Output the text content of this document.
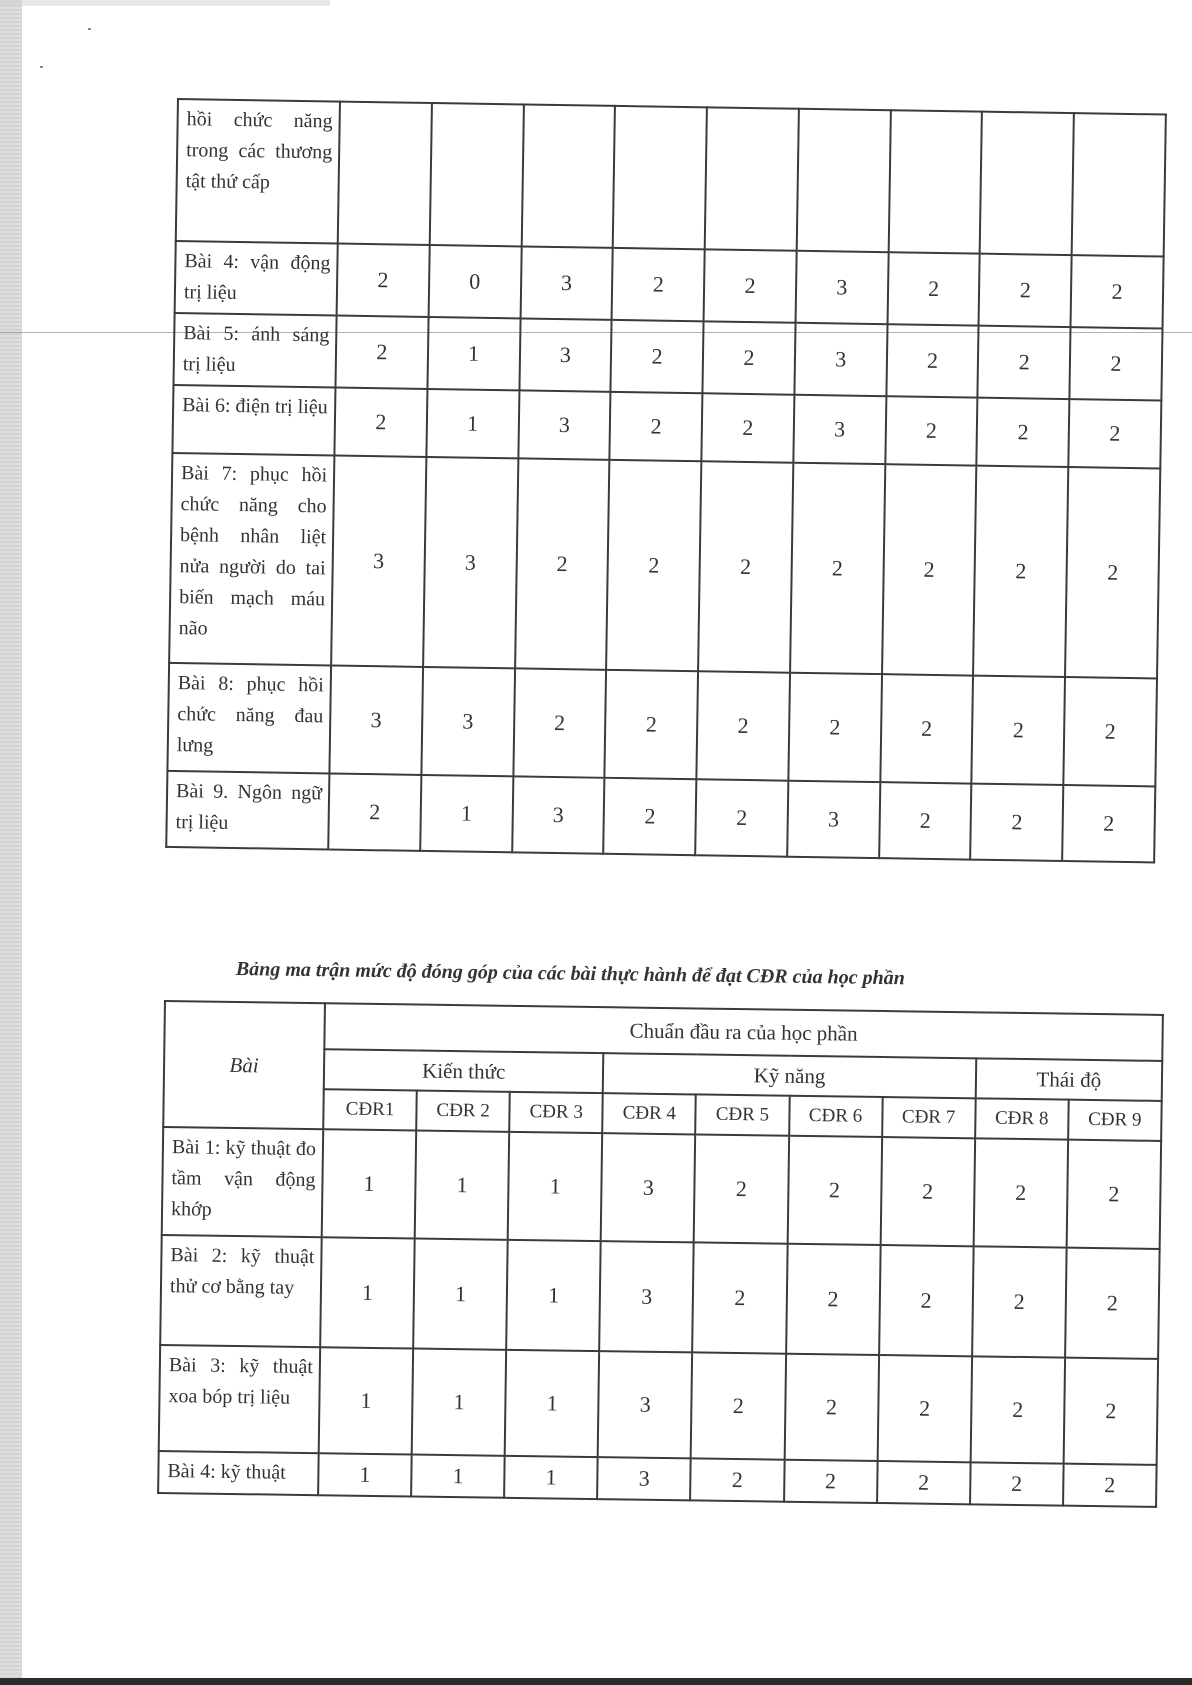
hồi chức năng trong các thương tật thứ cấp									
Bài 4: vận động trị liệu	2	0	3	2	2	3	2	2	2
Bài 5: ánh sáng trị liệu	2	1	3	2	2	3	2	2	2
Bài 6: điện trị liệu	2	1	3	2	2	3	2	2	2
Bài 7: phục hồi chức năng cho bệnh nhân liệt nửa người do tai biến mạch máu não	3	3	2	2	2	2	2	2	2
Bài 8: phục hồi chức năng đau lưng	3	3	2	2	2	2	2	2	2
Bài 9. Ngôn ngữ trị liệu	2	1	3	2	2	3	2	2	2
Bảng ma trận mức độ đóng góp của các bài thực hành để đạt CĐR của học phần
Bài	Chuẩn đầu ra của học phần								
	Kiến thức			Kỹ năng				Thái độ	
	CĐR1	CĐR 2	CĐR 3	CĐR 4	CĐR 5	CĐR 6	CĐR 7	CĐR 8	CĐR 9
Bài 1: kỹ thuật đo tầm vận động khớp	1	1	1	3	2	2	2	2	2
Bài 2: kỹ thuật thử cơ bằng tay	1	1	1	3	2	2	2	2	2
Bài 3: kỹ thuật xoa bóp trị liệu	1	1	1	3	2	2	2	2	2
Bài 4: kỹ thuật	1	1	1	3	2	2	2	2	2
